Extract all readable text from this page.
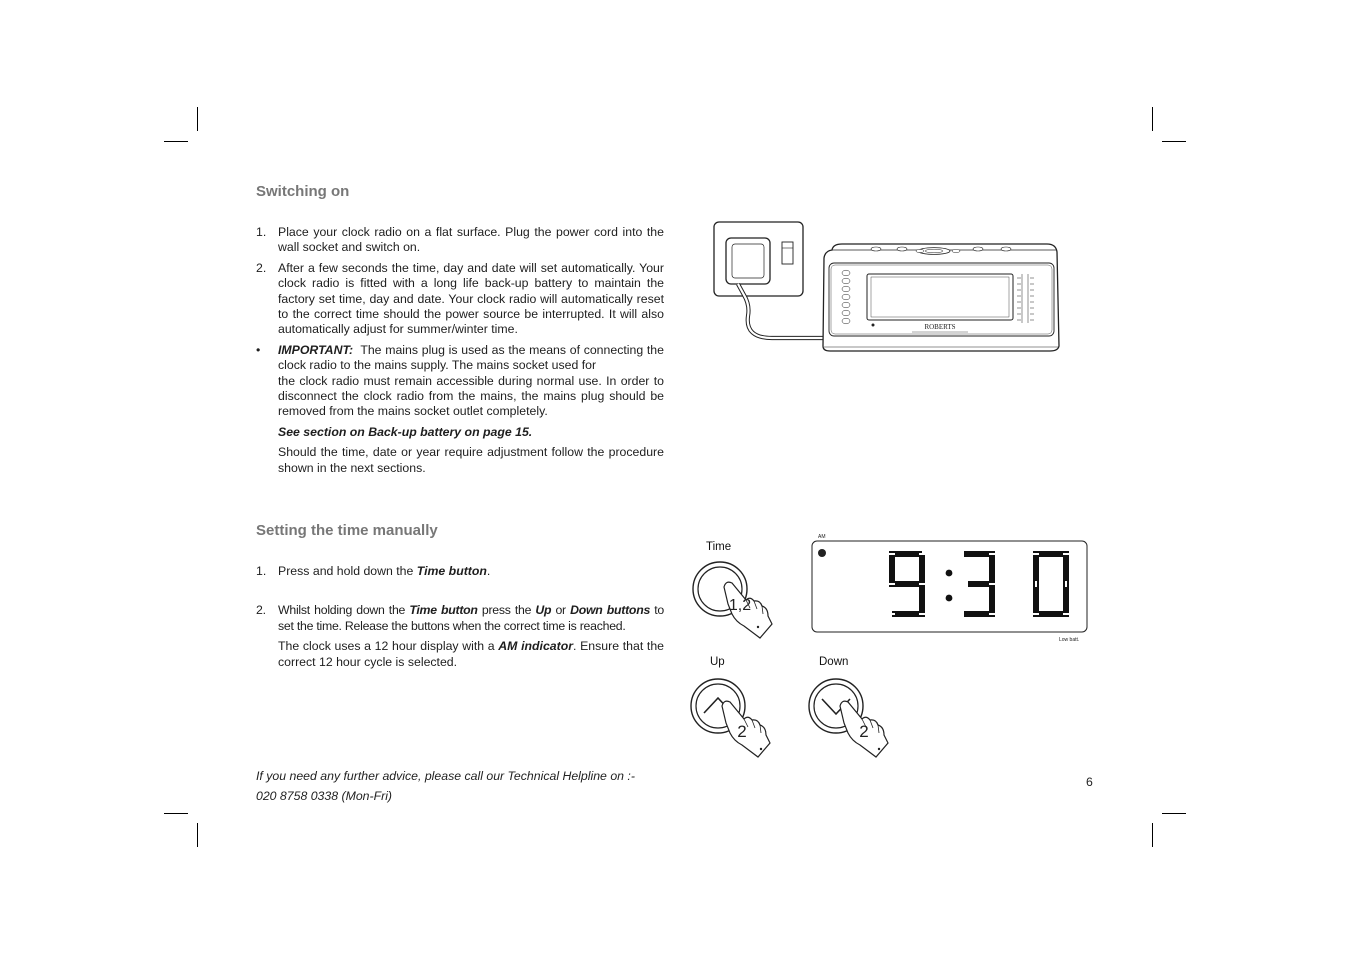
Switching on
1. Place your clock radio on a flat surface. Plug the power cord into the wall socket and switch on.
2. After a few seconds the time, day and date will set automatically. Your clock radio is fitted with a long life back-up battery to maintain the factory set time, day and date. Your clock radio will automatically reset to the correct time should the power source be interrupted. It will also automatically adjust for summer/winter time.
• IMPORTANT: The mains plug is used as the means of connecting the clock radio to the mains supply. The mains socket used for
the clock radio must remain accessible during normal use. In order to disconnect the clock radio from the mains, the mains plug should be removed from the mains socket outlet completely.
See section on Back-up battery on page 15.
Should the time, date or year require adjustment follow the procedure shown in the next sections.
ROBERTS
Setting the time manually
1. Press and hold down the Time button.
2. Whilst holding down the Time button press the Up or Down buttons to set the time. Release the buttons when the correct time is reached.
The clock uses a 12 hour display with a AM indicator. Ensure that the correct 12 hour cycle is selected.
Time
Up	Down
1,2
2	2
AM
9:30	Low batt.
If you need any further advice, please call our Technical Helpline on :-
020 8758 0338 (Mon-Fri)
6
